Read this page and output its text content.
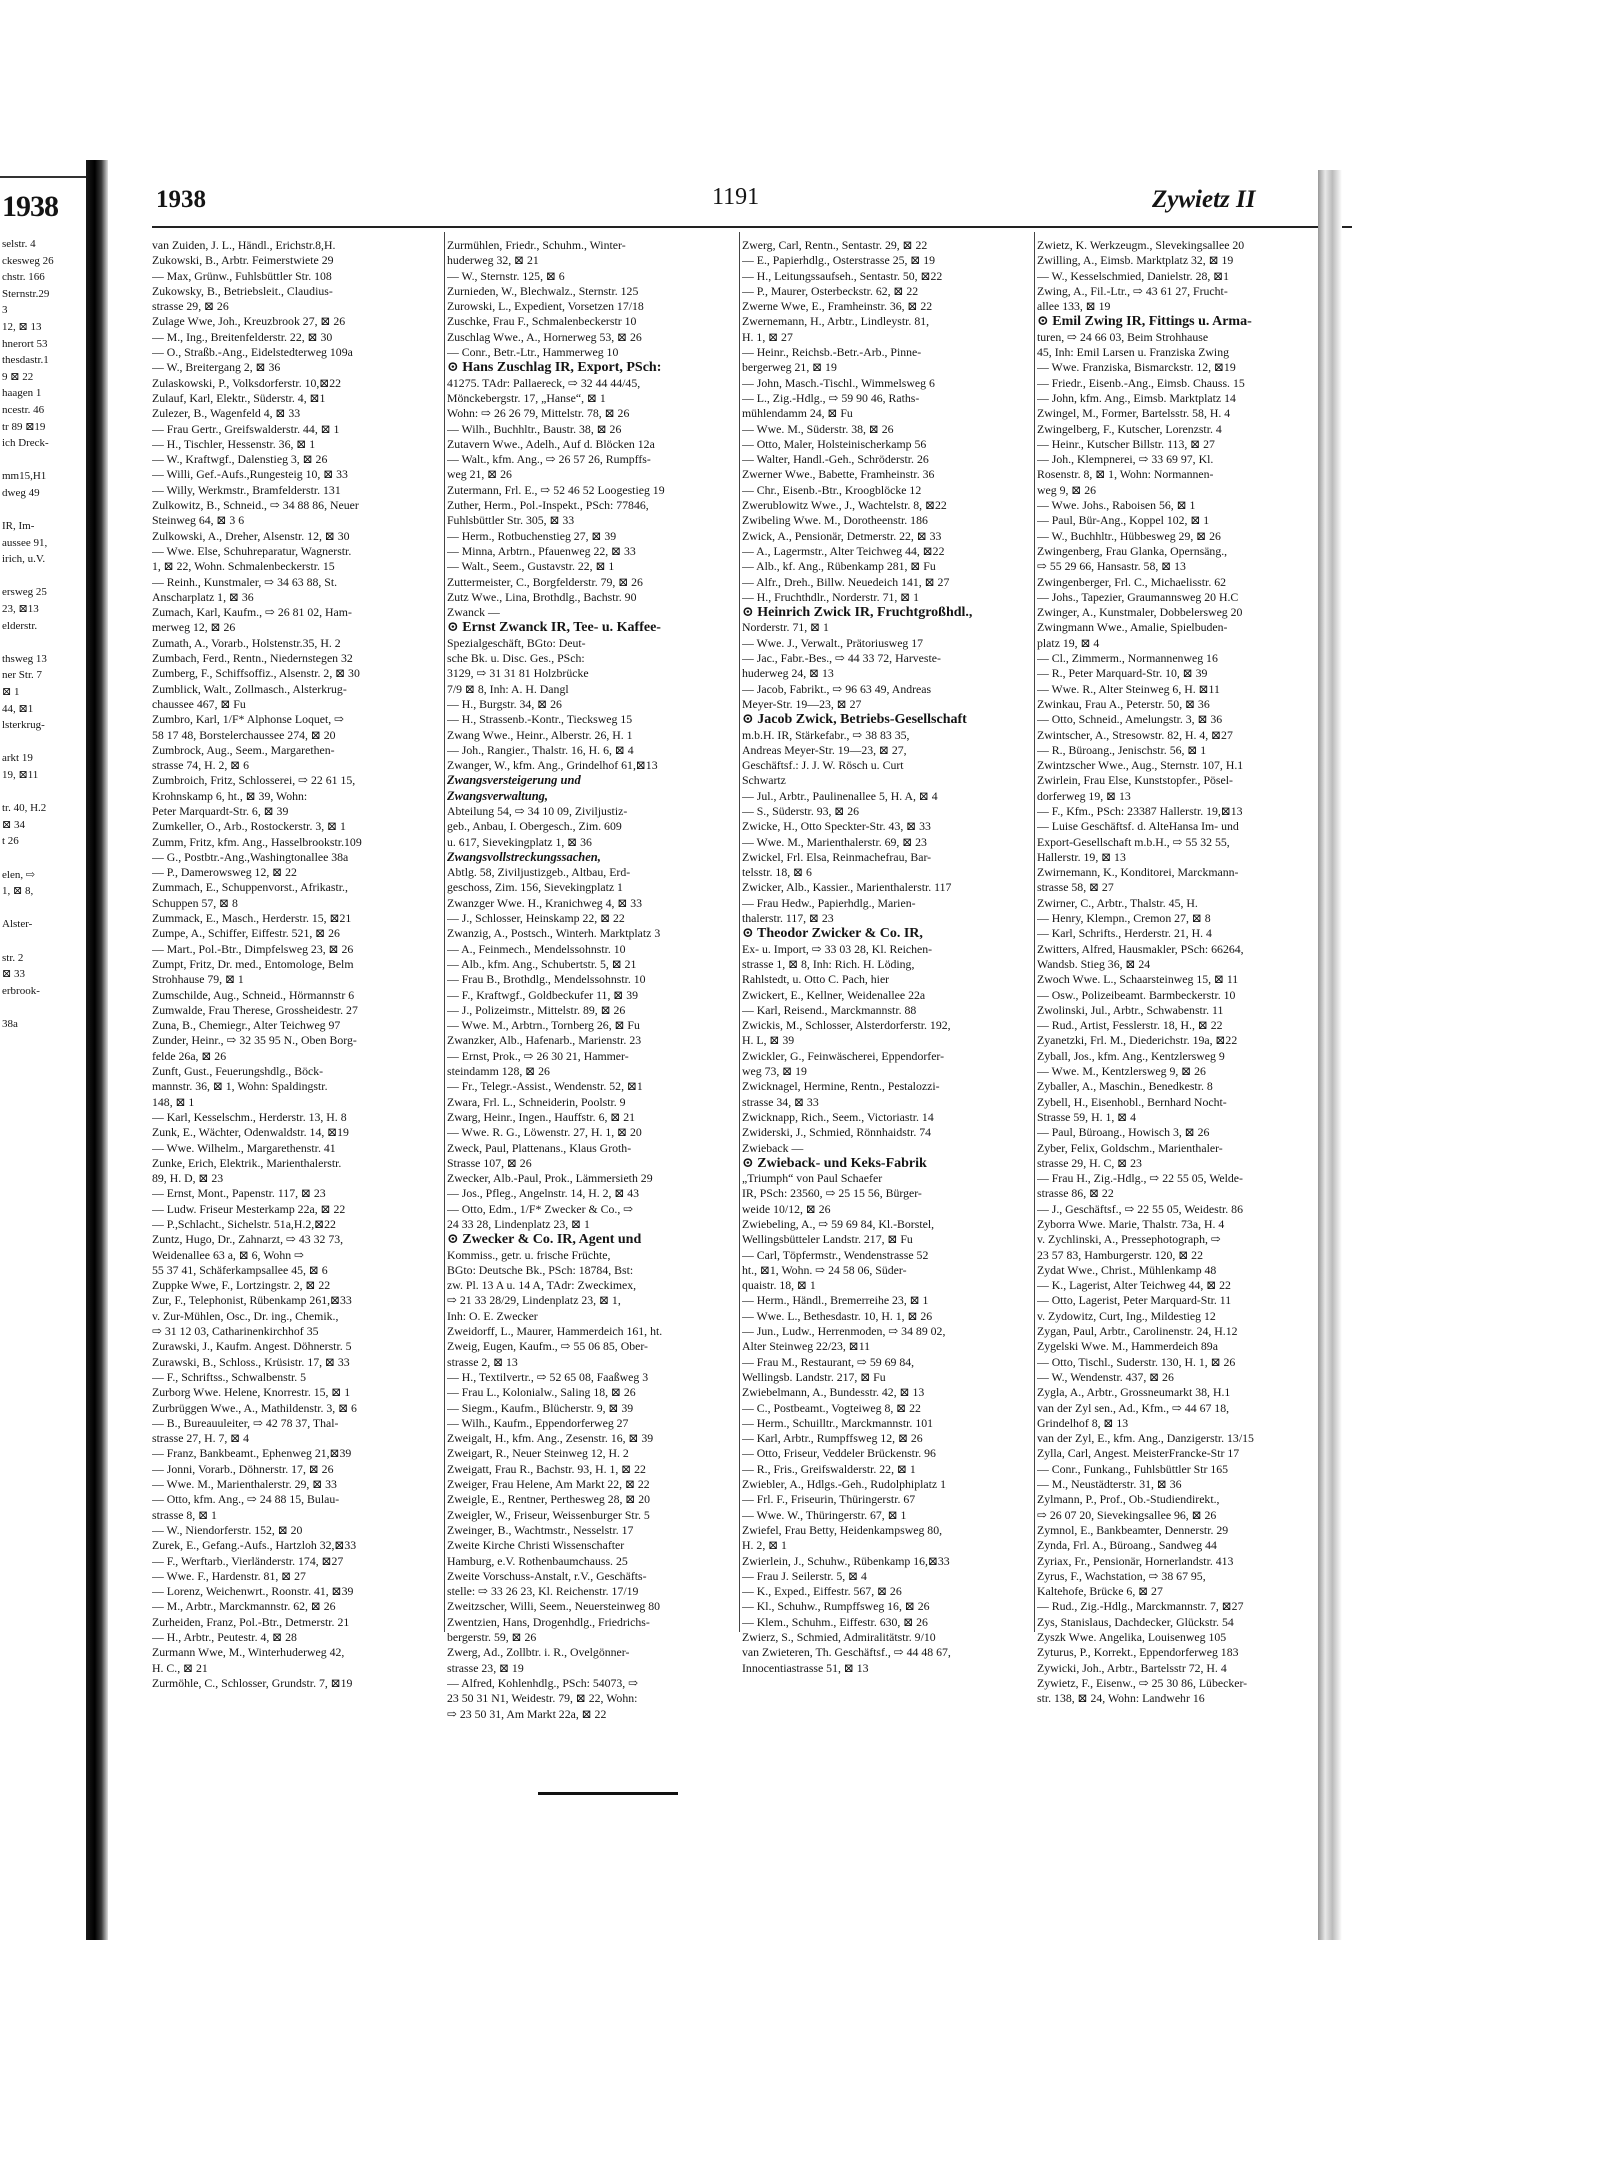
1938
selstr. 4
ckesweg 26
chstr. 166
Sternstr.29
3
12, ⊠ 13
hnerort 53
thesdastr.1
9 ⊠ 22
haagen 1
ncestr. 46
tr 89 ⊠19
ich Dreck-

mm15,H1
dweg 49

IR, Im-
aussee 91,
irich, u.V.

ersweg 25
23, ⊠13
elderstr.

thsweg 13
ner Str. 7
⊠ 1
44, ⊠1
lsterkrug-

arkt 19
19, ⊠11

tr. 40, H.2
⊠ 34
t 26

elen, ⇨
1, ⊠ 8,

Alster-

str. 2
⊠ 33
erbrook-

38a
1938	1191	Zywietz II
van Zuiden, J. L., Händl., Erichstr.8,H.
Zukowski, B., Arbtr. Feimerstwiete 29
— Max, Grünw., Fuhlsbüttler Str. 108
Zukowsky, B., Betriebsleit., Claudius-
strasse 29, ⊠ 26
Zulage Wwe, Joh., Kreuzbrook 27, ⊠ 26
— M., Ing., Breitenfelderstr. 22, ⊠ 30
— O., Straßb.-Ang., Eidelstedterweg 109a
— W., Breitergang 2, ⊠ 36
Zulaskowski, P., Volksdorferstr. 10,⊠22
Zulauf, Karl, Elektr., Süderstr. 4, ⊠1
Zulezer, B., Wagenfeld 4, ⊠ 33
— Frau Gertr., Greifswalderstr. 44, ⊠ 1
— H., Tischler, Hessenstr. 36, ⊠ 1
— W., Kraftwgf., Dalenstieg 3, ⊠ 26
— Willi, Gef.-Aufs.,Rungesteig 10, ⊠ 33
— Willy, Werkmstr., Bramfelderstr. 131
Zulkowitz, B., Schneid., ⇨ 34 88 86, Neuer
Steinweg 64, ⊠ 3 6
Zulkowski, A., Dreher, Alsenstr. 12, ⊠ 30
— Wwe. Else, Schuhreparatur, Wagnerstr.
1, ⊠ 22, Wohn. Schmalenbeckerstr. 15
— Reinh., Kunstmaler, ⇨ 34 63 88, St.
Anscharplatz 1, ⊠ 36
Zumach, Karl, Kaufm., ⇨ 26 81 02, Ham-
merweg 12, ⊠ 26
Zumath, A., Vorarb., Holstenstr.35, H. 2
Zumbach, Ferd., Rentn., Niedernstegen 32
Zumberg, F., Schiffsoffiz., Alsenstr. 2, ⊠ 30
Zumblick, Walt., Zollmasch., Alsterkrug-
chaussee 467, ⊠ Fu
Zumbro, Karl, 1/F* Alphonse Loquet, ⇨
58 17 48, Borstelerchaussee 274, ⊠ 20
Zumbrock, Aug., Seem., Margarethen-
strasse 74, H. 2, ⊠ 6
Zumbroich, Fritz, Schlosserei, ⇨ 22 61 15,
Krohnskamp 6, ht., ⊠ 39, Wohn:
Peter Marquardt-Str. 6, ⊠ 39
Zumkeller, O., Arb., Rostockerstr. 3, ⊠ 1
Zumm, Fritz, kfm. Ang., Hasselbrookstr.109
— G., Postbtr.-Ang.,Washingtonallee 38a
— P., Damerowsweg 12, ⊠ 22
Zummach, E., Schuppenvorst., Afrikastr.,
Schuppen 57, ⊠ 8
Zummack, E., Masch., Herderstr. 15, ⊠21
Zumpe, A., Schiffer, Eiffestr. 521, ⊠ 26
— Mart., Pol.-Btr., Dimpfelsweg 23, ⊠ 26
Zumpt, Fritz, Dr. med., Entomologe, Belm
Strohhause 79, ⊠ 1
Zumschilde, Aug., Schneid., Hörmannstr 6
Zumwalde, Frau Therese, Grossheidestr. 27
Zuna, B., Chemiegr., Alter Teichweg 97
Zunder, Heinr., ⇨ 32 35 95 N., Oben Borg-
felde 26a, ⊠ 26
Zunft, Gust., Feuerungshdlg., Böck-
mannstr. 36, ⊠ 1, Wohn: Spaldingstr.
148, ⊠ 1
— Karl, Kesselschm., Herderstr. 13, H. 8
Zunk, E., Wächter, Odenwaldstr. 14, ⊠19
— Wwe. Wilhelm., Margarethenstr. 41
Zunke, Erich, Elektrik., Marienthalerstr.
89, H. D, ⊠ 23
— Ernst, Mont., Papenstr. 117, ⊠ 23
— Ludw. Friseur Mesterkamp 22a, ⊠ 22
— P.,Schlacht., Sichelstr. 51a,H.2,⊠22
Zuntz, Hugo, Dr., Zahnarzt, ⇨ 43 32 73,
Weidenallee 63 a, ⊠ 6, Wohn ⇨
55 37 41, Schäferkampsallee 45, ⊠ 6
Zuppke Wwe, F., Lortzingstr. 2, ⊠ 22
Zur, F., Telephonist, Rübenkamp 261,⊠33
v. Zur-Mühlen, Osc., Dr. ing., Chemik.,
⇨ 31 12 03, Catharinenkirchhof 35
Zurawski, J., Kaufm. Angest. Döhnerstr. 5
Zurawski, B., Schloss., Krüsistr. 17, ⊠ 33
— F., Schriftss., Schwalbenstr. 5
Zurborg Wwe. Helene, Knorrestr. 15, ⊠ 1
Zurbrüggen Wwe., A., Mathildenstr. 3, ⊠ 6
— B., Bureauuleiter, ⇨ 42 78 37, Thal-
strasse 27, H. 7, ⊠ 4
— Franz, Bankbeamt., Ephenweg 21,⊠39
— Jonni, Vorarb., Döhnerstr. 17, ⊠ 26
— Wwe. M., Marienthalerstr. 29, ⊠ 33
— Otto, kfm. Ang., ⇨ 24 88 15, Bulau-
strasse 8, ⊠ 1
— W., Niendorferstr. 152, ⊠ 20
Zurek, E., Gefang.-Aufs., Hartzloh 32,⊠33
— F., Werftarb., Vierländerstr. 174, ⊠27
— Wwe. F., Hardenstr. 81, ⊠ 27
— Lorenz, Weichenwrt., Roonstr. 41, ⊠39
— M., Arbtr., Marckmannstr. 62, ⊠ 26
Zurheiden, Franz, Pol.-Btr., Detmerstr. 21
— H., Arbtr., Peutestr. 4, ⊠ 28
Zurmann Wwe, M., Winterhuderweg 42,
H. C., ⊠ 21
Zurmöhle, C., Schlosser, Grundstr. 7, ⊠19
Zurmühlen, Friedr., Schuhm., Winter-
huderweg 32, ⊠ 21
— W., Sternstr. 125, ⊠ 6
Zurnieden, W., Blechwalz., Sternstr. 125
Zurowski, L., Expedient, Vorsetzen 17/18
Zuschke, Frau F., Schmalenbeckerstr 10
Zuschlag Wwe., A., Hornerweg 53, ⊠ 26
— Conr., Betr.-Ltr., Hammerweg 10
⊙ Hans Zuschlag IR, Export, PSch:
41275. TAdr: Pallaereck, ⇨ 32 44 44/45,
Mönckebergstr. 17, „Hanse“, ⊠ 1
Wohn: ⇨ 26 26 79, Mittelstr. 78, ⊠ 26
— Wilh., Buchhltr., Baustr. 38, ⊠ 26
Zutavern Wwe., Adelh., Auf d. Blöcken 12a
— Walt., kfm. Ang., ⇨ 26 57 26, Rumpffs-
weg 21, ⊠ 26
Zutermann, Frl. E., ⇨ 52 46 52 Loogestieg 19
Zuther, Herm., Pol.-Inspekt., PSch: 77846,
Fuhlsbüttler Str. 305, ⊠ 33
— Herm., Rotbuchenstieg 27, ⊠ 39
— Minna, Arbtrn., Pfauenweg 22, ⊠ 33
— Walt., Seem., Gustavstr. 22, ⊠ 1
Zuttermeister, C., Borgfelderstr. 79, ⊠ 26
Zutz Wwe., Lina, Brothdlg., Bachstr. 90
Zwanck —
⊙ Ernst Zwanck IR, Tee- u. Kaffee-
Spezialgeschäft, BGto: Deut-
sche Bk. u. Disc. Ges., PSch:
3129, ⇨ 31 31 81 Holzbrücke
7/9 ⊠ 8, Inh: A. H. Dangl
— H., Burgstr. 34, ⊠ 26
— H., Strassenb.-Kontr., Tiecksweg 15
Zwang Wwe., Heinr., Alberstr. 26, H. 1
— Joh., Rangier., Thalstr. 16, H. 6, ⊠ 4
Zwanger, W., kfm. Ang., Grindelhof 61,⊠13
Zwangsversteigerung und
Zwangsverwaltung,
Abteilung 54, ⇨ 34 10 09, Ziviljustiz-
geb., Anbau, I. Obergesch., Zim. 609
u. 617, Sievekingplatz 1, ⊠ 36
Zwangsvollstreckungssachen,
Abtlg. 58, Ziviljustizgeb., Altbau, Erd-
geschoss, Zim. 156, Sievekingplatz 1
Zwanzger Wwe. H., Kranichweg 4, ⊠ 33
— J., Schlosser, Heinskamp 22, ⊠ 22
Zwanzig, A., Postsch., Winterh. Marktplatz 3
— A., Feinmech., Mendelssohnstr. 10
— Alb., kfm. Ang., Schubertstr. 5, ⊠ 21
— Frau B., Brothdlg., Mendelssohnstr. 10
— F., Kraftwgf., Goldbeckufer 11, ⊠ 39
— J., Polizeimstr., Mittelstr. 89, ⊠ 26
— Wwe. M., Arbtrn., Tornberg 26, ⊠ Fu
Zwanzker, Alb., Hafenarb., Marienstr. 23
— Ernst, Prok., ⇨ 26 30 21, Hammer-
steindamm 128, ⊠ 26
— Fr., Telegr.-Assist., Wendenstr. 52, ⊠1
Zwara, Frl. L., Schneiderin, Poolstr. 9
Zwarg, Heinr., Ingen., Hauffstr. 6, ⊠ 21
— Wwe. R. G., Löwenstr. 27, H. 1, ⊠ 20
Zweck, Paul, Plattenans., Klaus Groth-
Strasse 107, ⊠ 26
Zwecker, Alb.-Paul, Prok., Lämmersieth 29
— Jos., Pfleg., Angelnstr. 14, H. 2, ⊠ 43
— Otto, Edm., 1/F* Zwecker & Co., ⇨
24 33 28, Lindenplatz 23, ⊠ 1
⊙ Zwecker & Co. IR, Agent und
Kommiss., getr. u. frische Früchte,
BGto: Deutsche Bk., PSch: 18784, Bst:
zw. Pl. 13 A u. 14 A, TAdr: Zweckimex,
⇨ 21 33 28/29, Lindenplatz 23, ⊠ 1,
Inh: O. E. Zwecker
Zweidorff, L., Maurer, Hammerdeich 161, ht.
Zweig, Eugen, Kaufm., ⇨ 55 06 85, Ober-
strasse 2, ⊠ 13
— H., Textilvertr., ⇨ 52 65 08, Faaßweg 3
— Frau L., Kolonialw., Saling 18, ⊠ 26
— Siegm., Kaufm., Blücherstr. 9, ⊠ 39
— Wilh., Kaufm., Eppendorferweg 27
Zweigalt, H., kfm. Ang., Zesenstr. 16, ⊠ 39
Zweigart, R., Neuer Steinweg 12, H. 2
Zweigatt, Frau R., Bachstr. 93, H. 1, ⊠ 22
Zweiger, Frau Helene, Am Markt 22, ⊠ 22
Zweigle, E., Rentner, Perthesweg 28, ⊠ 20
Zweigler, W., Friseur, Weissenburger Str. 5
Zweinger, B., Wachtmstr., Nesselstr. 17
Zweite Kirche Christi Wissenschafter
Hamburg, e.V. Rothenbaumchauss. 25
Zweite Vorschuss-Anstalt, r.V., Geschäfts-
stelle: ⇨ 33 26 23, Kl. Reichenstr. 17/19
Zweitzscher, Willi, Seem., Neuersteinweg 80
Zwentzien, Hans, Drogenhdlg., Friedrichs-
bergerstr. 59, ⊠ 26
Zwerg, Ad., Zollbtr. i. R., Ovelgönner-
strasse 23, ⊠ 19
— Alfred, Kohlenhdlg., PSch: 54073, ⇨
23 50 31 N1, Weidestr. 79, ⊠ 22, Wohn:
⇨ 23 50 31, Am Markt 22a, ⊠ 22
Zwerg, Carl, Rentn., Sentastr. 29, ⊠ 22
— E., Papierhdlg., Osterstrasse 25, ⊠ 19
— H., Leitungssaufseh., Sentastr. 50, ⊠22
— P., Maurer, Osterbeckstr. 62, ⊠ 22
Zwerne Wwe, E., Framheinstr. 36, ⊠ 22
Zwernemann, H., Arbtr., Lindleystr. 81,
H. 1, ⊠ 27
— Heinr., Reichsb.-Betr.-Arb., Pinne-
bergerweg 21, ⊠ 19
— John, Masch.-Tischl., Wimmelsweg 6
— L., Zig.-Hdlg., ⇨ 59 90 46, Raths-
mühlendamm 24, ⊠ Fu
— Wwe. M., Süderstr. 38, ⊠ 26
— Otto, Maler, Holsteinischerkamp 56
— Walter, Handl.-Geh., Schröderstr. 26
Zwerner Wwe., Babette, Framheinstr. 36
— Chr., Eisenb.-Btr., Kroogblöcke 12
Zwerublowitz Wwe., J., Wachtelstr. 8, ⊠22
Zwibeling Wwe. M., Dorotheenstr. 186
Zwick, A., Pensionär, Detmerstr. 22, ⊠ 33
— A., Lagermstr., Alter Teichweg 44, ⊠22
— Alb., kf. Ang., Rübenkamp 281, ⊠ Fu
— Alfr., Dreh., Billw. Neuedeich 141, ⊠ 27
— H., Fruchthdlr., Norderstr. 71, ⊠ 1
⊙ Heinrich Zwick IR, Fruchtgroßhdl.,
Norderstr. 71, ⊠ 1
— Wwe. J., Verwalt., Prätoriusweg 17
— Jac., Fabr.-Bes., ⇨ 44 33 72, Harveste-
huderweg 24, ⊠ 13
— Jacob, Fabrikt., ⇨ 96 63 49, Andreas
Meyer-Str. 19—23, ⊠ 27
⊙ Jacob Zwick, Betriebs-Gesellschaft
m.b.H. IR, Stärkefabr., ⇨ 38 83 35,
Andreas Meyer-Str. 19—23, ⊠ 27,
Geschäftsf.: J. J. W. Rösch u. Curt
Schwartz
— Jul., Arbtr., Paulinenallee 5, H. A, ⊠ 4
— S., Süderstr. 93, ⊠ 26
Zwicke, H., Otto Speckter-Str. 43, ⊠ 33
— Wwe. M., Marienthalerstr. 69, ⊠ 23
Zwickel, Frl. Elsa, Reinmachefrau, Bar-
telsstr. 18, ⊠ 6
Zwicker, Alb., Kassier., Marienthalerstr. 117
— Frau Hedw., Papierhdlg., Marien-
thalerstr. 117, ⊠ 23
⊙ Theodor Zwicker & Co. IR,
Ex- u. Import, ⇨ 33 03 28, Kl. Reichen-
strasse 1, ⊠ 8, Inh: Rich. H. Löding,
Rahlstedt, u. Otto C. Pach, hier
Zwickert, E., Kellner, Weidenallee 22a
— Karl, Reisend., Marckmannstr. 88
Zwickis, M., Schlosser, Alsterdorferstr. 192,
H. L, ⊠ 39
Zwickler, G., Feinwäscherei, Eppendorfer-
weg 73, ⊠ 19
Zwicknagel, Hermine, Rentn., Pestalozzi-
strasse 34, ⊠ 33
Zwicknapp, Rich., Seem., Victoriastr. 14
Zwiderski, J., Schmied, Rönnhaidstr. 74
Zwieback —
⊙ Zwieback- und Keks-Fabrik
„Triumph“ von Paul Schaefer
IR, PSch: 23560, ⇨ 25 15 56, Bürger-
weide 10/12, ⊠ 26
Zwiebeling, A., ⇨ 59 69 84, Kl.-Borstel,
Wellingsbütteler Landstr. 217, ⊠ Fu
— Carl, Töpfermstr., Wendenstrasse 52
ht., ⊠1, Wohn. ⇨ 24 58 06, Süder-
quaistr. 18, ⊠ 1
— Herm., Händl., Bremerreihe 23, ⊠ 1
— Wwe. L., Bethesdastr. 10, H. 1, ⊠ 26
— Jun., Ludw., Herrenmoden, ⇨ 34 89 02,
Alter Steinweg 22/23, ⊠11
— Frau M., Restaurant, ⇨ 59 69 84,
Wellingsb. Landstr. 217, ⊠ Fu
Zwiebelmann, A., Bundesstr. 42, ⊠ 13
— C., Postbeamt., Vogteiweg 8, ⊠ 22
— Herm., Schuilltr., Marckmannstr. 101
— Karl, Arbtr., Rumpffsweg 12, ⊠ 26
— Otto, Friseur, Veddeler Brückenstr. 96
— R., Fris., Greifswalderstr. 22, ⊠ 1
Zwiebler, A., Hdlgs.-Geh., Rudolphiplatz 1
— Frl. F., Friseurin, Thüringerstr. 67
— Wwe. W., Thüringerstr. 67, ⊠ 1
Zwiefel, Frau Betty, Heidenkampsweg 80,
H. 2, ⊠ 1
Zwierlein, J., Schuhw., Rübenkamp 16,⊠33
— Frau J. Seilerstr. 5, ⊠ 4
— K., Exped., Eiffestr. 567, ⊠ 26
— Kl., Schuhw., Rumpffsweg 16, ⊠ 26
— Klem., Schuhm., Eiffestr. 630, ⊠ 26
Zwierz, S., Schmied, Admiralitätstr. 9/10
van Zwieteren, Th. Geschäftsf., ⇨ 44 48 67,
Innocentiastrasse 51, ⊠ 13
Zwietz, K. Werkzeugm., Slevekingsallee 20
Zwilling, A., Eimsb. Marktplatz 32, ⊠ 19
— W., Kesselschmied, Danielstr. 28, ⊠1
Zwing, A., Fil.-Ltr., ⇨ 43 61 27, Frucht-
allee 133, ⊠ 19
⊙ Emil Zwing IR, Fittings u. Arma-
turen, ⇨ 24 66 03, Beim Strohhause
45, Inh: Emil Larsen u. Franziska Zwing
— Wwe. Franziska, Bismarckstr. 12, ⊠19
— Friedr., Eisenb.-Ang., Eimsb. Chauss. 15
— John, kfm. Ang., Eimsb. Marktplatz 14
Zwingel, M., Former, Bartelsstr. 58, H. 4
Zwingelberg, F., Kutscher, Lorenzstr. 4
— Heinr., Kutscher Billstr. 113, ⊠ 27
— Joh., Klempnerei, ⇨ 33 69 97, Kl.
Rosenstr. 8, ⊠ 1, Wohn: Normannen-
weg 9, ⊠ 26
— Wwe. Johs., Raboisen 56, ⊠ 1
— Paul, Bür-Ang., Koppel 102, ⊠ 1
— W., Buchhltr., Hübbesweg 29, ⊠ 26
Zwingenberg, Frau Glanka, Opernsäng.,
⇨ 55 29 66, Hansastr. 58, ⊠ 13
Zwingenberger, Frl. C., Michaelisstr. 62
— Johs., Tapezier, Graumannsweg 20 H.C
Zwinger, A., Kunstmaler, Dobbelersweg 20
Zwingmann Wwe., Amalie, Spielbuden-
platz 19, ⊠ 4
— Cl., Zimmerm., Normannenweg 16
— R., Peter Marquard-Str. 10, ⊠ 39
— Wwe. R., Alter Steinweg 6, H. ⊠11
Zwinkau, Frau A., Peterstr. 50, ⊠ 36
— Otto, Schneid., Amelungstr. 3, ⊠ 36
Zwintscher, A., Stresowstr. 82, H. 4, ⊠27
— R., Büroang., Jenischstr. 56, ⊠ 1
Zwintzscher Wwe., Aug., Sternstr. 107, H.1
Zwirlein, Frau Else, Kunststopfer., Pösel-
dorferweg 19, ⊠ 13
— F., Kfm., PSch: 23387 Hallerstr. 19,⊠13
— Luise Geschäftsf. d. AlteHansa Im- und
Export-Gesellschaft m.b.H., ⇨ 55 32 55,
Hallerstr. 19, ⊠ 13
Zwirnemann, K., Konditorei, Marckmann-
strasse 58, ⊠ 27
Zwirner, C., Arbtr., Thalstr. 45, H.
— Henry, Klempn., Cremon 27, ⊠ 8
— Karl, Schrifts., Herderstr. 21, H. 4
Zwitters, Alfred, Hausmakler, PSch: 66264,
Wandsb. Stieg 36, ⊠ 24
Zwoch Wwe. L., Schaarsteinweg 15, ⊠ 11
— Osw., Polizeibeamt. Barmbeckerstr. 10
Zwolinski, Jul., Arbtr., Schwabenstr. 11
— Rud., Artist, Fesslerstr. 18, H., ⊠ 22
Zyanetzki, Frl. M., Diederichstr. 19a, ⊠22
Zyball, Jos., kfm. Ang., Kentzlersweg 9
— Wwe. M., Kentzlersweg 9, ⊠ 26
Zyballer, A., Maschin., Benedkestr. 8
Zybell, H., Eisenhobl., Bernhard Nocht-
Strasse 59, H. 1, ⊠ 4
— Paul, Büroang., Howisch 3, ⊠ 26
Zyber, Felix, Goldschm., Marienthaler-
strasse 29, H. C, ⊠ 23
— Frau H., Zig.-Hdlg., ⇨ 22 55 05, Welde-
strasse 86, ⊠ 22
— J., Geschäftsf., ⇨ 22 55 05, Weidestr. 86
Zyborra Wwe. Marie, Thalstr. 73a, H. 4
v. Zychlinski, A., Pressephotograph, ⇨
23 57 83, Hamburgerstr. 120, ⊠ 22
Zydat Wwe., Christ., Mühlenkamp 48
— K., Lagerist, Alter Teichweg 44, ⊠ 22
— Otto, Lagerist, Peter Marquard-Str. 11
v. Zydowitz, Curt, Ing., Mildestieg 12
Zygan, Paul, Arbtr., Carolinenstr. 24, H.12
Zygelski Wwe. M., Hammerdeich 89a
— Otto, Tischl., Suderstr. 130, H. 1, ⊠ 26
— W., Wendenstr. 437, ⊠ 26
Zygla, A., Arbtr., Grossneumarkt 38, H.1
van der Zyl sen., Ad., Kfm., ⇨ 44 67 18,
Grindelhof 8, ⊠ 13
van der Zyl, E., kfm. Ang., Danzigerstr. 13/15
Zylla, Carl, Angest. MeisterFrancke-Str 17
— Conr., Funkang., Fuhlsbüttler Str 165
— M., Neustädterstr. 31, ⊠ 36
Zylmann, P., Prof., Ob.-Studiendirekt.,
⇨ 26 07 20, Sievekingsallee 96, ⊠ 26
Zymnol, E., Bankbeamter, Dennerstr. 29
Zynda, Frl. A., Büroang., Sandweg 44
Zyriax, Fr., Pensionär, Hornerlandstr. 413
Zyrus, F., Wachstation, ⇨ 38 67 95,
Kaltehofe, Brücke 6, ⊠ 27
— Rud., Zig.-Hdlg., Marckmannstr. 7, ⊠27
Zys, Stanislaus, Dachdecker, Glückstr. 54
Zyszk Wwe. Angelika, Louisenweg 105
Zyturus, P., Korrekt., Eppendorferweg 183
Zywicki, Joh., Arbtr., Bartelsstr 72, H. 4
Zywietz, F., Eisenw., ⇨ 25 30 86, Lübecker-
str. 138, ⊠ 24, Wohn: Landwehr 16
